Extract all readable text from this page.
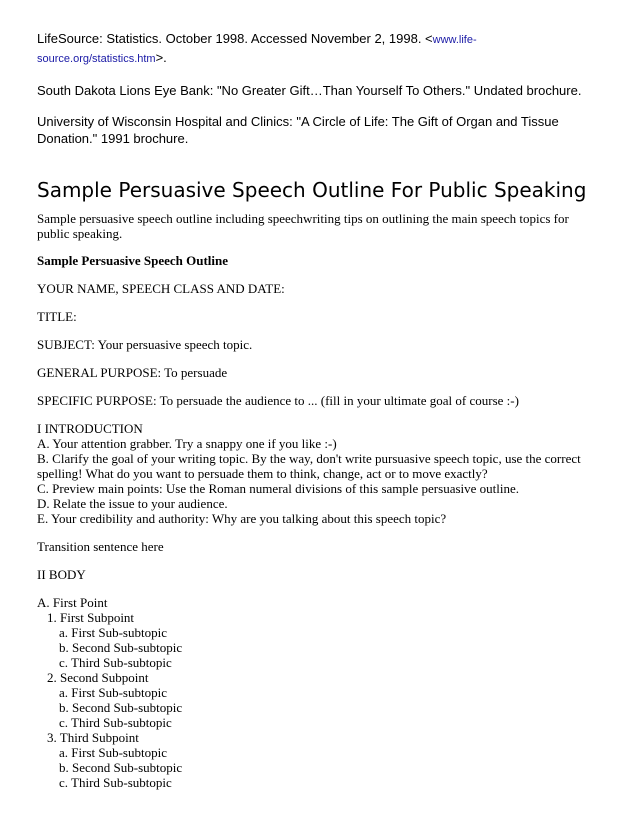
LifeSource: Statistics. October 1998. Accessed November 2, 1998. <www.life-source.org/statistics.htm>.

South Dakota Lions Eye Bank: "No Greater Gift…Than Yourself To Others." Undated brochure.

University of Wisconsin Hospital and Clinics: "A Circle of Life: The Gift of Organ and Tissue Donation." 1991 brochure.

Sample Persuasive Speech Outline For Public Speaking

Sample persuasive speech outline including speechwriting tips on outlining the main speech topics for public speaking.

Sample Persuasive Speech Outline

YOUR NAME, SPEECH CLASS AND DATE:

TITLE:

SUBJECT: Your persuasive speech topic.

GENERAL PURPOSE: To persuade

SPECIFIC PURPOSE: To persuade the audience to ... (fill in your ultimate goal of course :-)

I INTRODUCTION
A. Your attention grabber. Try a snappy one if you like :-)
B. Clarify the goal of your writing topic. By the way, don't write pursuasive speech topic, use the correct spelling! What do you want to persuade them to think, change, act or to move exactly?
C. Preview main points: Use the Roman numeral divisions of this sample persuasive outline.
D. Relate the issue to your audience.
E. Your credibility and authority: Why are you talking about this speech topic?

Transition sentence here

II BODY

A. First Point
1. First Subpoint
a. First Sub-subtopic
b. Second Sub-subtopic
c. Third Sub-subtopic
2. Second Subpoint
a. First Sub-subtopic
b. Second Sub-subtopic
c. Third Sub-subtopic
3. Third Subpoint
a. First Sub-subtopic
b. Second Sub-subtopic
c. Third Sub-subtopic
